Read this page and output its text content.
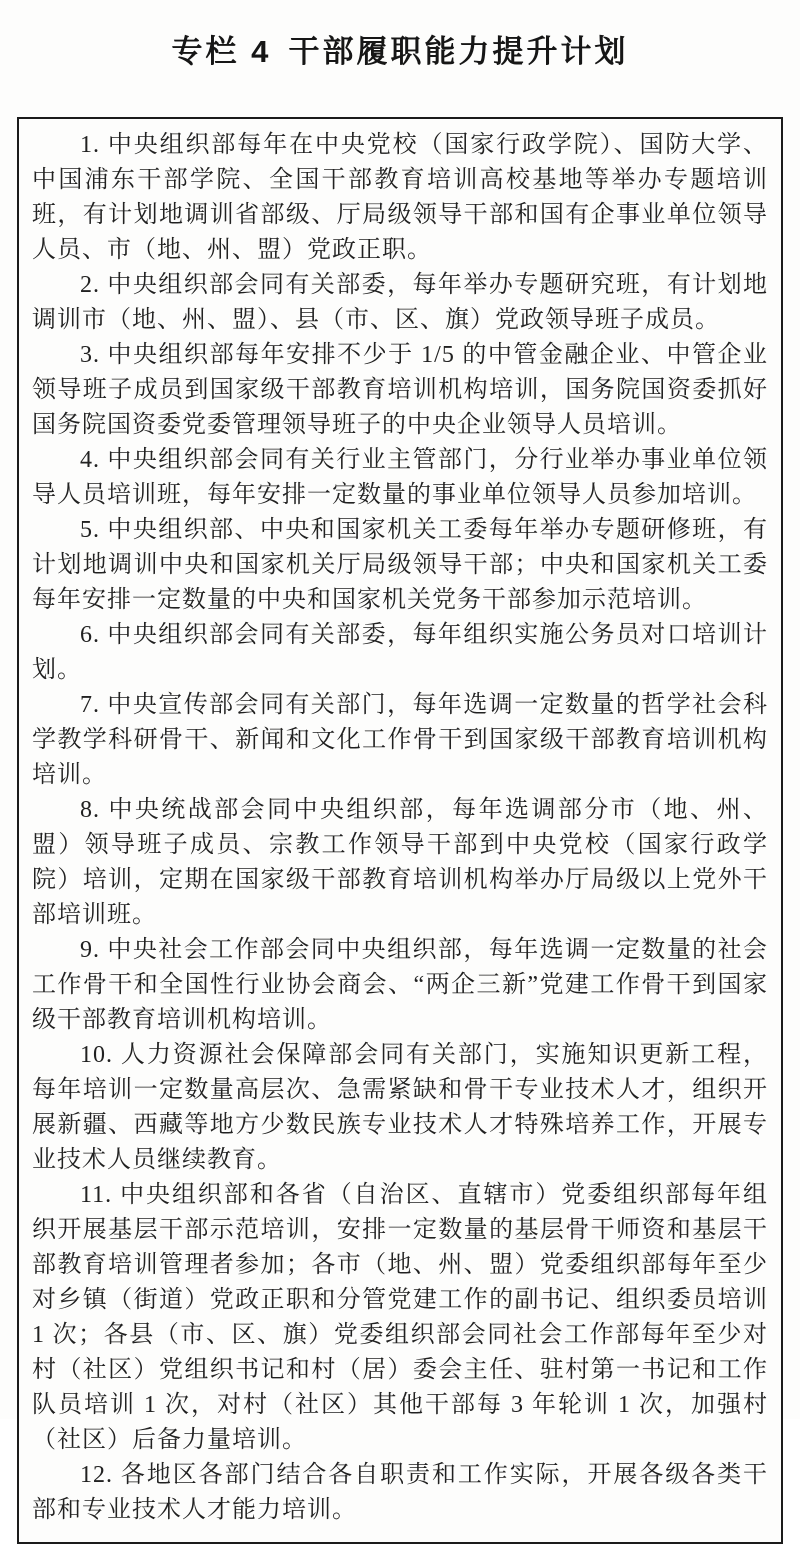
专栏 4 干部履职能力提升计划

1. 中央组织部每年在中央党校（国家行政学院）、国防大学、中国浦东干部学院、全国干部教育培训高校基地等举办专题培训班，有计划地调训省部级、厅局级领导干部和国有企事业单位领导人员、市（地、州、盟）党政正职。

2. 中央组织部会同有关部委，每年举办专题研究班，有计划地调训市（地、州、盟）、县（市、区、旗）党政领导班子成员。

3. 中央组织部每年安排不少于 1/5 的中管金融企业、中管企业领导班子成员到国家级干部教育培训机构培训，国务院国资委抓好国务院国资委党委管理领导班子的中央企业领导人员培训。

4. 中央组织部会同有关行业主管部门，分行业举办事业单位领导人员培训班，每年安排一定数量的事业单位领导人员参加培训。

5. 中央组织部、中央和国家机关工委每年举办专题研修班，有计划地调训中央和国家机关厅局级领导干部；中央和国家机关工委每年安排一定数量的中央和国家机关党务干部参加示范培训。

6. 中央组织部会同有关部委，每年组织实施公务员对口培训计划。

7. 中央宣传部会同有关部门，每年选调一定数量的哲学社会科学教学科研骨干、新闻和文化工作骨干到国家级干部教育培训机构培训。

8. 中央统战部会同中央组织部，每年选调部分市（地、州、盟）领导班子成员、宗教工作领导干部到中央党校（国家行政学院）培训，定期在国家级干部教育培训机构举办厅局级以上党外干部培训班。

9. 中央社会工作部会同中央组织部，每年选调一定数量的社会工作骨干和全国性行业协会商会、“两企三新”党建工作骨干到国家级干部教育培训机构培训。

10. 人力资源社会保障部会同有关部门，实施知识更新工程，每年培训一定数量高层次、急需紧缺和骨干专业技术人才，组织开展新疆、西藏等地方少数民族专业技术人才特殊培养工作，开展专业技术人员继续教育。

11. 中央组织部和各省（自治区、直辖市）党委组织部每年组织开展基层干部示范培训，安排一定数量的基层骨干师资和基层干部教育培训管理者参加；各市（地、州、盟）党委组织部每年至少对乡镇（街道）党政正职和分管党建工作的副书记、组织委员培训 1 次；各县（市、区、旗）党委组织部会同社会工作部每年至少对村（社区）党组织书记和村（居）委会主任、驻村第一书记和工作队员培训 1 次，对村（社区）其他干部每 3 年轮训 1 次，加强村（社区）后备力量培训。

12. 各地区各部门结合各自职责和工作实际，开展各级各类干部和专业技术人才能力培训。
